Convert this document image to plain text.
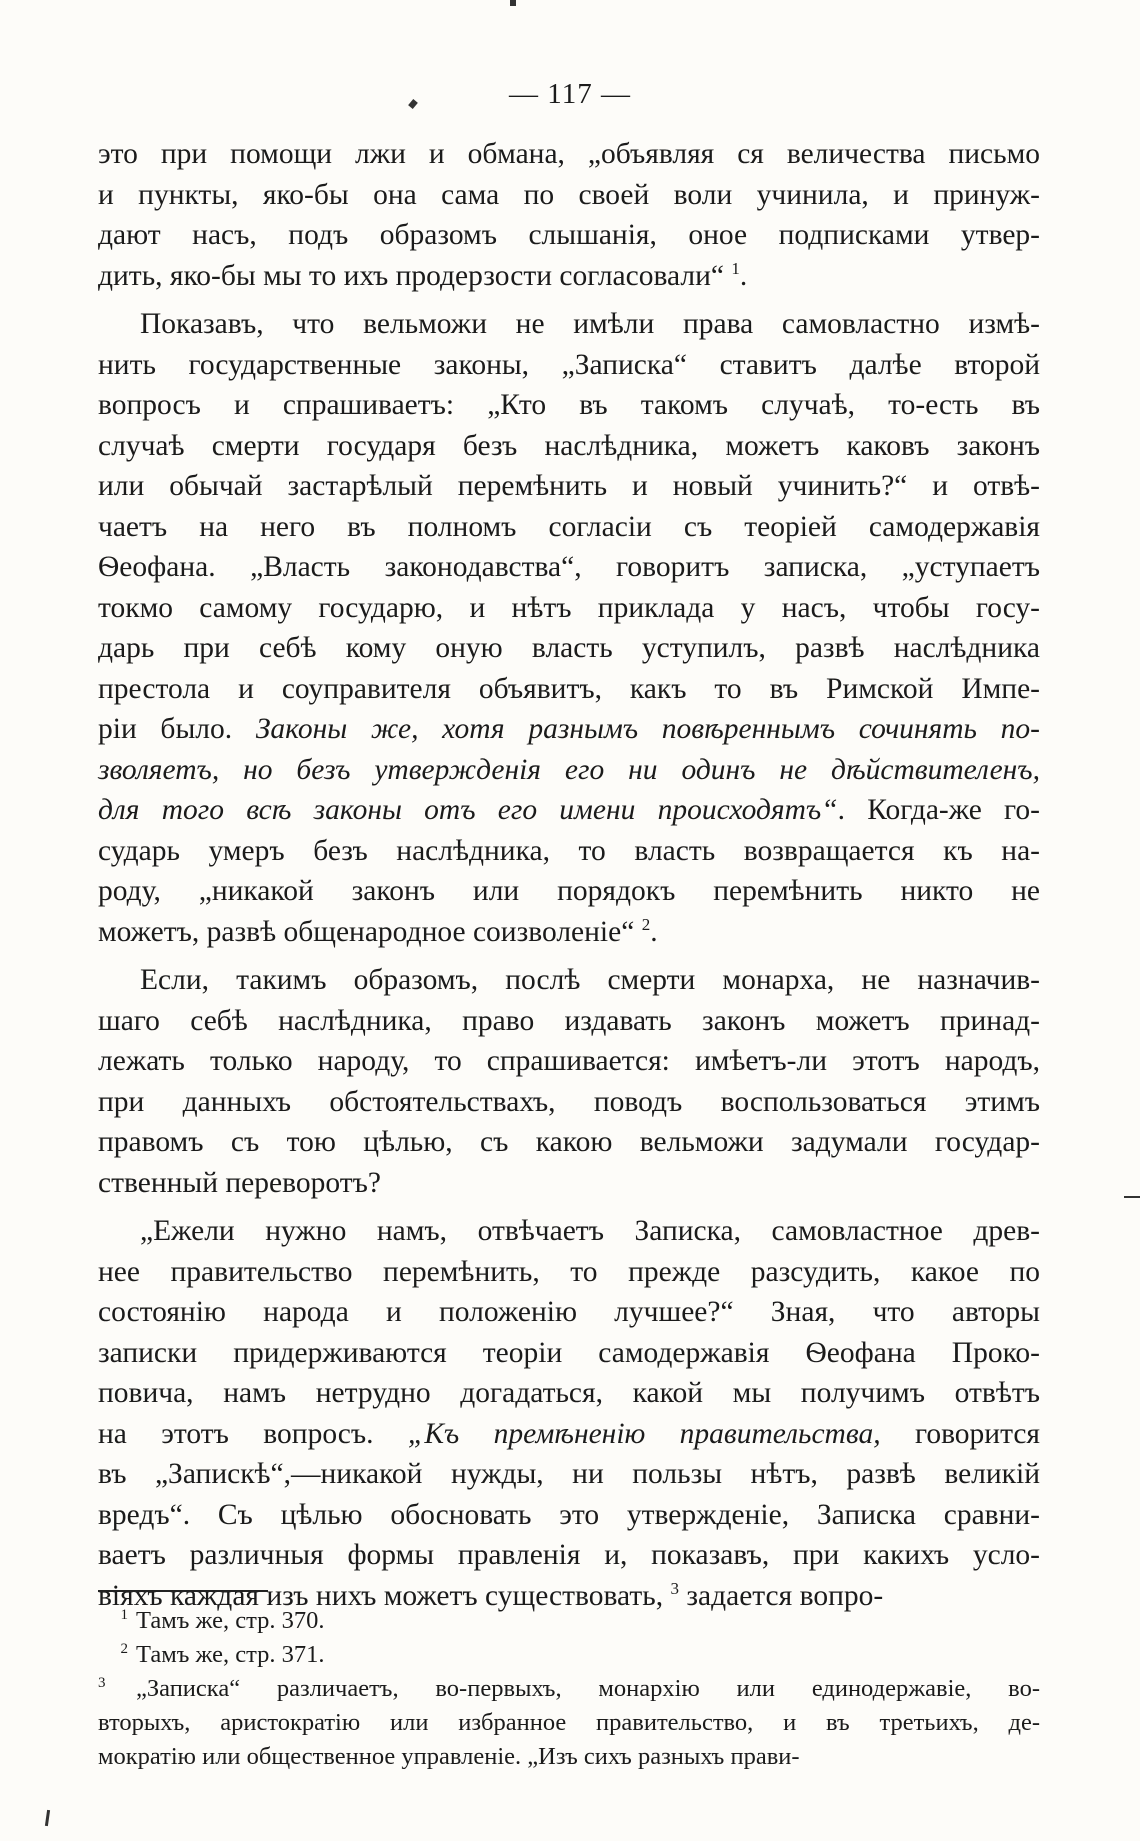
— 117 —
это при помощи лжи и обмана, „объявляя ся величества письмо
и пункты, яко-бы она сама по своей воли учинила, и принуж-
дают насъ, подъ образомъ слышанія, оное подписками утвер-
дить, яко-бы мы то ихъ продерзости согласовали“ $^1$.
Показавъ, что вельможи не имѣли права самовластно измѣ-
нить государственные законы, „Записка“ ставитъ далѣе второй
вопросъ и спрашиваетъ: „Кто въ такомъ случаѣ, то-есть въ
случаѣ смерти государя безъ наслѣдника, можетъ каковъ законъ
или обычай застарѣлый перемѣнить и новый учинить?“ и отвѣ-
чаетъ на него въ полномъ согласіи съ теоріей самодержавія
Ѳеофана. „Власть законодавства“, говоритъ записка, „уступаетъ
токмо самому государю, и нѣтъ приклада у насъ, чтобы госу-
дарь при себѣ кому оную власть уступилъ, развѣ наслѣдника
престола и соуправителя объявитъ, какъ то въ Римской Импе-
ріи было. Законы же, хотя разнымъ повѣреннымъ сочинять по-
зволяетъ, но безъ утвержденія его ни одинъ не дѣйствителенъ,
для того всѣ законы отъ его имени происходятъ“. Когда-же го-
сударь умеръ безъ наслѣдника, то власть возвращается къ на-
роду, „никакой законъ или порядокъ перемѣнить никто не
можетъ, развѣ общенародное соизволеніе“ $^2$.
Если, такимъ образомъ, послѣ смерти монарха, не назначив-
шаго себѣ наслѣдника, право издавать законъ можетъ принад-
лежать только народу, то спрашивается: имѣетъ-ли этотъ народъ,
при данныхъ обстоятельствахъ, поводъ воспользоваться этимъ
правомъ съ тою цѣлью, съ какою вельможи задумали государ-
ственный переворотъ?
„Ежели нужно намъ, отвѣчаетъ Записка, самовластное древ-
нее правительство перемѣнить, то прежде разсудить, какое по
состоянію народа и положенію лучшее?“ Зная, что авторы
записки придерживаются теоріи самодержавія Ѳеофана Проко-
повича, намъ нетрудно догадаться, какой мы получимъ отвѣтъ
на этотъ вопросъ. „Къ премѣненію правительства, говорится
въ „Запискѣ“,—никакой нужды, ни пользы нѣтъ, развѣ великій
вредъ“. Съ цѣлью обосновать это утвержденіе, Записка сравни-
ваетъ различныя формы правленія и, показавъ, при какихъ усло-
віяхъ каждая изъ нихъ можетъ существовать, $^3$ задается вопро-
1 Тамъ же, стр. 370.
2 Тамъ же, стр. 371.
3 „Записка“ различаетъ, во-первыхъ, монархію или единодержавіе, во-
вторыхъ, аристократію или избранное правительство, и въ третьихъ, де-
мократію или общественное управленіе. „Изъ сихъ разныхъ прави-
